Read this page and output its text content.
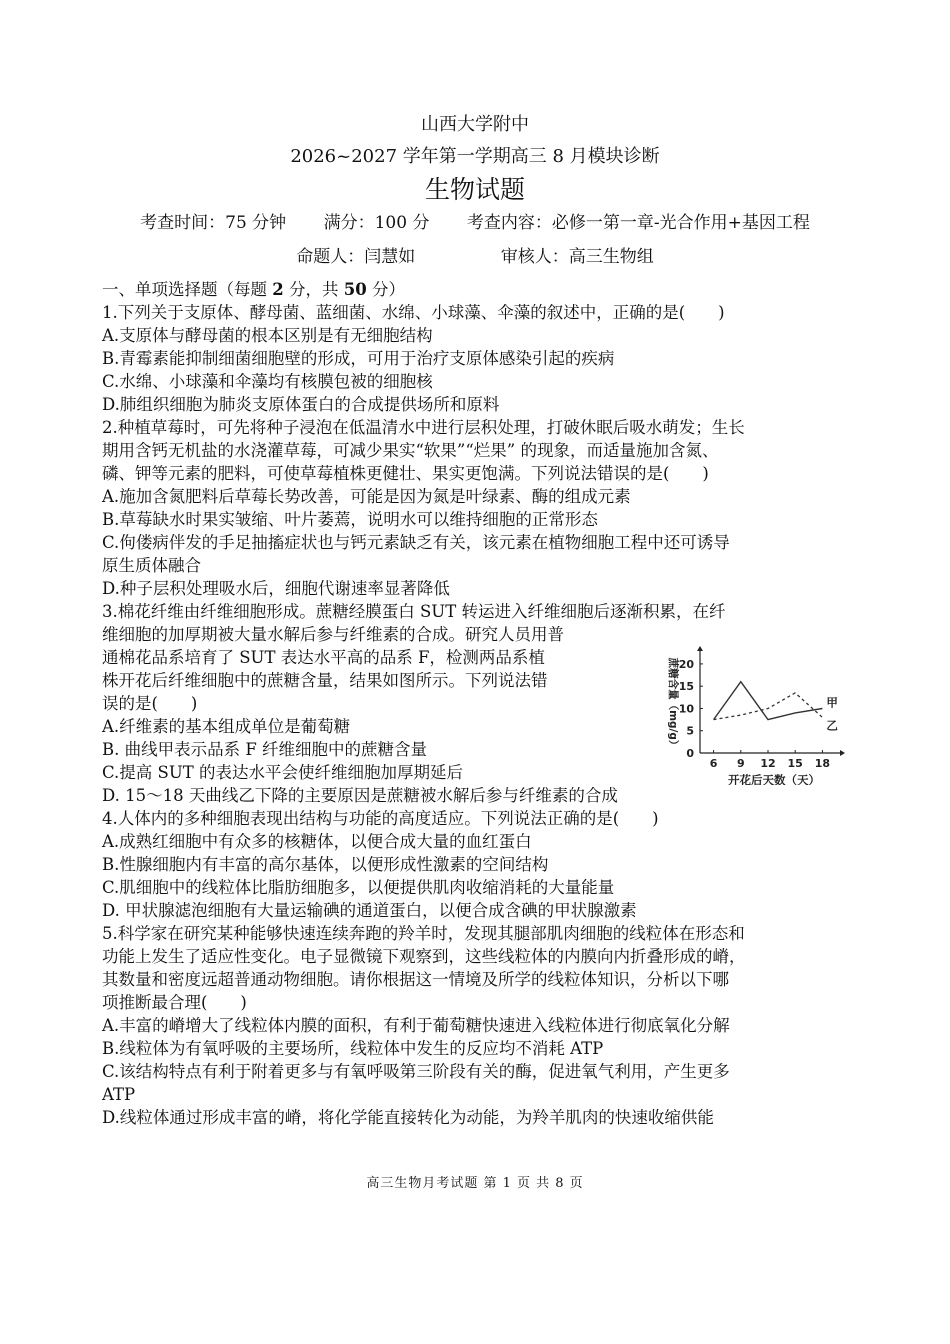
山西大学附中
2026~2027 学年第一学期高三 8 月模块诊断
生物试题
考查时间：75 分钟 满分：100 分 考查内容：必修一第一章-光合作用+基因工程
命题人：闫慧如	审核人：高三生物组
一、单项选择题（每题 2 分，共 50 分）
1.下列关于支原体、酵母菌、蓝细菌、水绵、小球藻、伞藻的叙述中，正确的是(　　)
A.支原体与酵母菌的根本区别是有无细胞结构
B.青霉素能抑制细菌细胞壁的形成，可用于治疗支原体感染引起的疾病
C.水绵、小球藻和伞藻均有核膜包被的细胞核
D.肺组织细胞为肺炎支原体蛋白的合成提供场所和原料
2.种植草莓时，可先将种子浸泡在低温清水中进行层积处理，打破休眠后吸水萌发；生长
期用含钙无机盐的水浇灌草莓，可减少果实“软果”“烂果” 的现象，而适量施加含氮、
磷、钾等元素的肥料，可使草莓植株更健壮、果实更饱满。下列说法错误的是(　　)
A.施加含氮肥料后草莓长势改善，可能是因为氮是叶绿素、酶的组成元素
B.草莓缺水时果实皱缩、叶片萎蔫，说明水可以维持细胞的正常形态
C.佝偻病伴发的手足抽搐症状也与钙元素缺乏有关，该元素在植物细胞工程中还可诱导
原生质体融合
D.种子层积处理吸水后，细胞代谢速率显著降低
3.棉花纤维由纤维细胞形成。蔗糖经膜蛋白 SUT 转运进入纤维细胞后逐渐积累，在纤
维细胞的加厚期被大量水解后参与纤维素的合成。研究人员用普
通棉花品系培育了 SUT 表达水平高的品系 F，检测两品系植
株开花后纤维细胞中的蔗糖含量，结果如图所示。下列说法错
误的是(　　)
A.纤维素的基本组成单位是葡萄糖
B. 曲线甲表示品系 F 纤维细胞中的蔗糖含量
C.提高 SUT 的表达水平会使纤维细胞加厚期延后
D. 15～18 天曲线乙下降的主要原因是蔗糖被水解后参与纤维素的合成
4.人体内的多种细胞表现出结构与功能的高度适应。下列说法正确的是(　　)
A.成熟红细胞中有众多的核糖体，以便合成大量的血红蛋白
B.性腺细胞内有丰富的高尔基体，以便形成性激素的空间结构
C.肌细胞中的线粒体比脂肪细胞多，以便提供肌肉收缩消耗的大量能量
D. 甲状腺滤泡细胞有大量运输碘的通道蛋白，以便合成含碘的甲状腺激素
5.科学家在研究某种能够快速连续奔跑的羚羊时，发现其腿部肌肉细胞的线粒体在形态和
功能上发生了适应性变化。电子显微镜下观察到，这些线粒体的内膜向内折叠形成的嵴，
其数量和密度远超普通动物细胞。请你根据这一情境及所学的线粒体知识，分析以下哪
项推断最合理(　　)
A.丰富的嵴增大了线粒体内膜的面积，有利于葡萄糖快速进入线粒体进行彻底氧化分解
B.线粒体为有氧呼吸的主要场所，线粒体中发生的反应均不消耗 ATP
C.该结构特点有利于附着更多与有氧呼吸第三阶段有关的酶，促进氧气利用，产生更多
ATP
D.线粒体通过形成丰富的嵴，将化学能直接转化为动能，为羚羊肌肉的快速收缩供能
0
5
10
15
20
6 9 12 15 18
开花后天数（天）
蔗糖含量（mg/g）	甲
乙
高三生物月考试题 第 1 页 共 8 页
